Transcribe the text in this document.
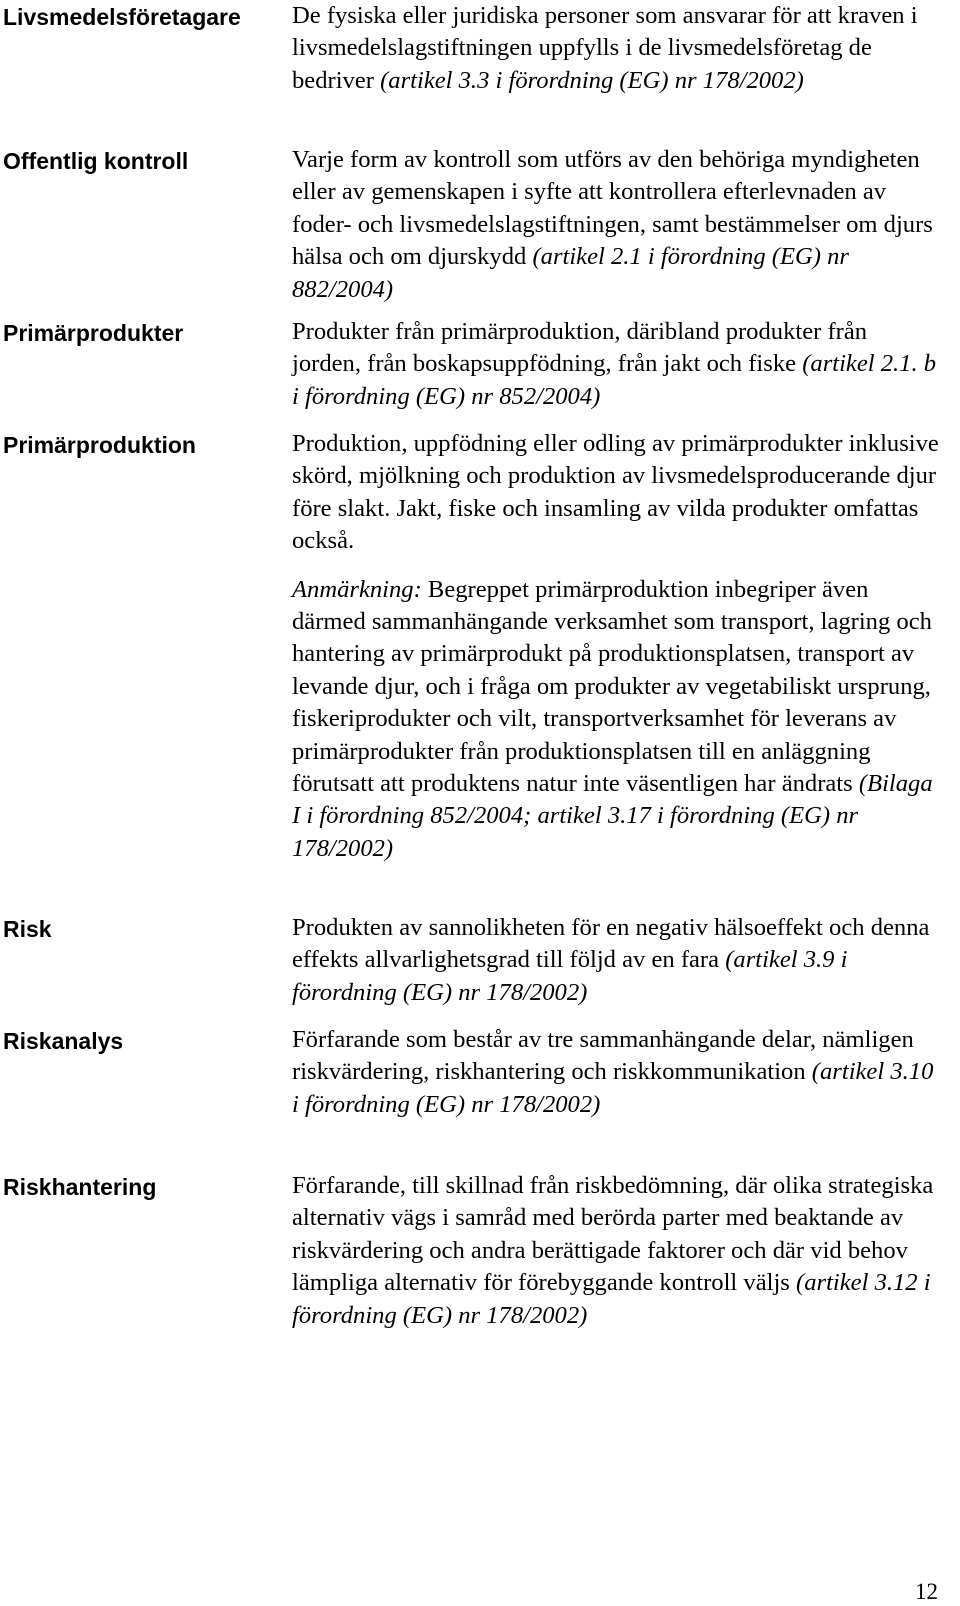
Livsmedelsföretagare	De fysiska eller juridiska personer som ansvarar för att kraven i livsmedelslagstiftningen uppfylls i de livsmedelsföretag de bedriver (artikel 3.3 i förordning (EG) nr 178/2002)

Offentlig kontroll	Varje form av kontroll som utförs av den behöriga myndigheten eller av gemenskapen i syfte att kontrollera efterlevnaden av foder- och livsmedelslagstiftningen, samt bestämmelser om djurs hälsa och om djurskydd (artikel 2.1 i förordning (EG) nr 882/2004)

Primärprodukter	Produkter från primärproduktion, däribland produkter från jorden, från boskapsuppfödning, från jakt och fiske (artikel 2.1. b i förordning (EG) nr 852/2004)

Primärproduktion	Produktion, uppfödning eller odling av primärprodukter inklusive skörd, mjölkning och produktion av livsmedelsproducerande djur före slakt. Jakt, fiske och insamling av vilda produkter omfattas också.

Anmärkning: Begreppet primärproduktion inbegriper även därmed sammanhängande verksamhet som transport, lagring och hantering av primärprodukt på produktionsplatsen, transport av levande djur, och i fråga om produkter av vegetabiliskt ursprung, fiskeriprodukter och vilt, transportverksamhet för leverans av primärprodukter från produktionsplatsen till en anläggning förutsatt att produktens natur inte väsentligen har ändrats (Bilaga I i förordning 852/2004; artikel 3.17 i förordning (EG) nr 178/2002)

Risk	Produkten av sannolikheten för en negativ hälsoeffekt och denna effekts allvarlighetsgrad till följd av en fara (artikel 3.9 i förordning (EG) nr 178/2002)

Riskanalys	Förfarande som består av tre sammanhängande delar, nämligen riskvärdering, riskhantering och riskkommunikation (artikel 3.10 i förordning (EG) nr 178/2002)

Riskhantering	Förfarande, till skillnad från riskbedömning, där olika strategiska alternativ vägs i samråd med berörda parter med beaktande av riskvärdering och andra berättigade faktorer och där vid behov lämpliga alternativ för förebyggande kontroll väljs (artikel 3.12 i förordning (EG) nr 178/2002)

12
